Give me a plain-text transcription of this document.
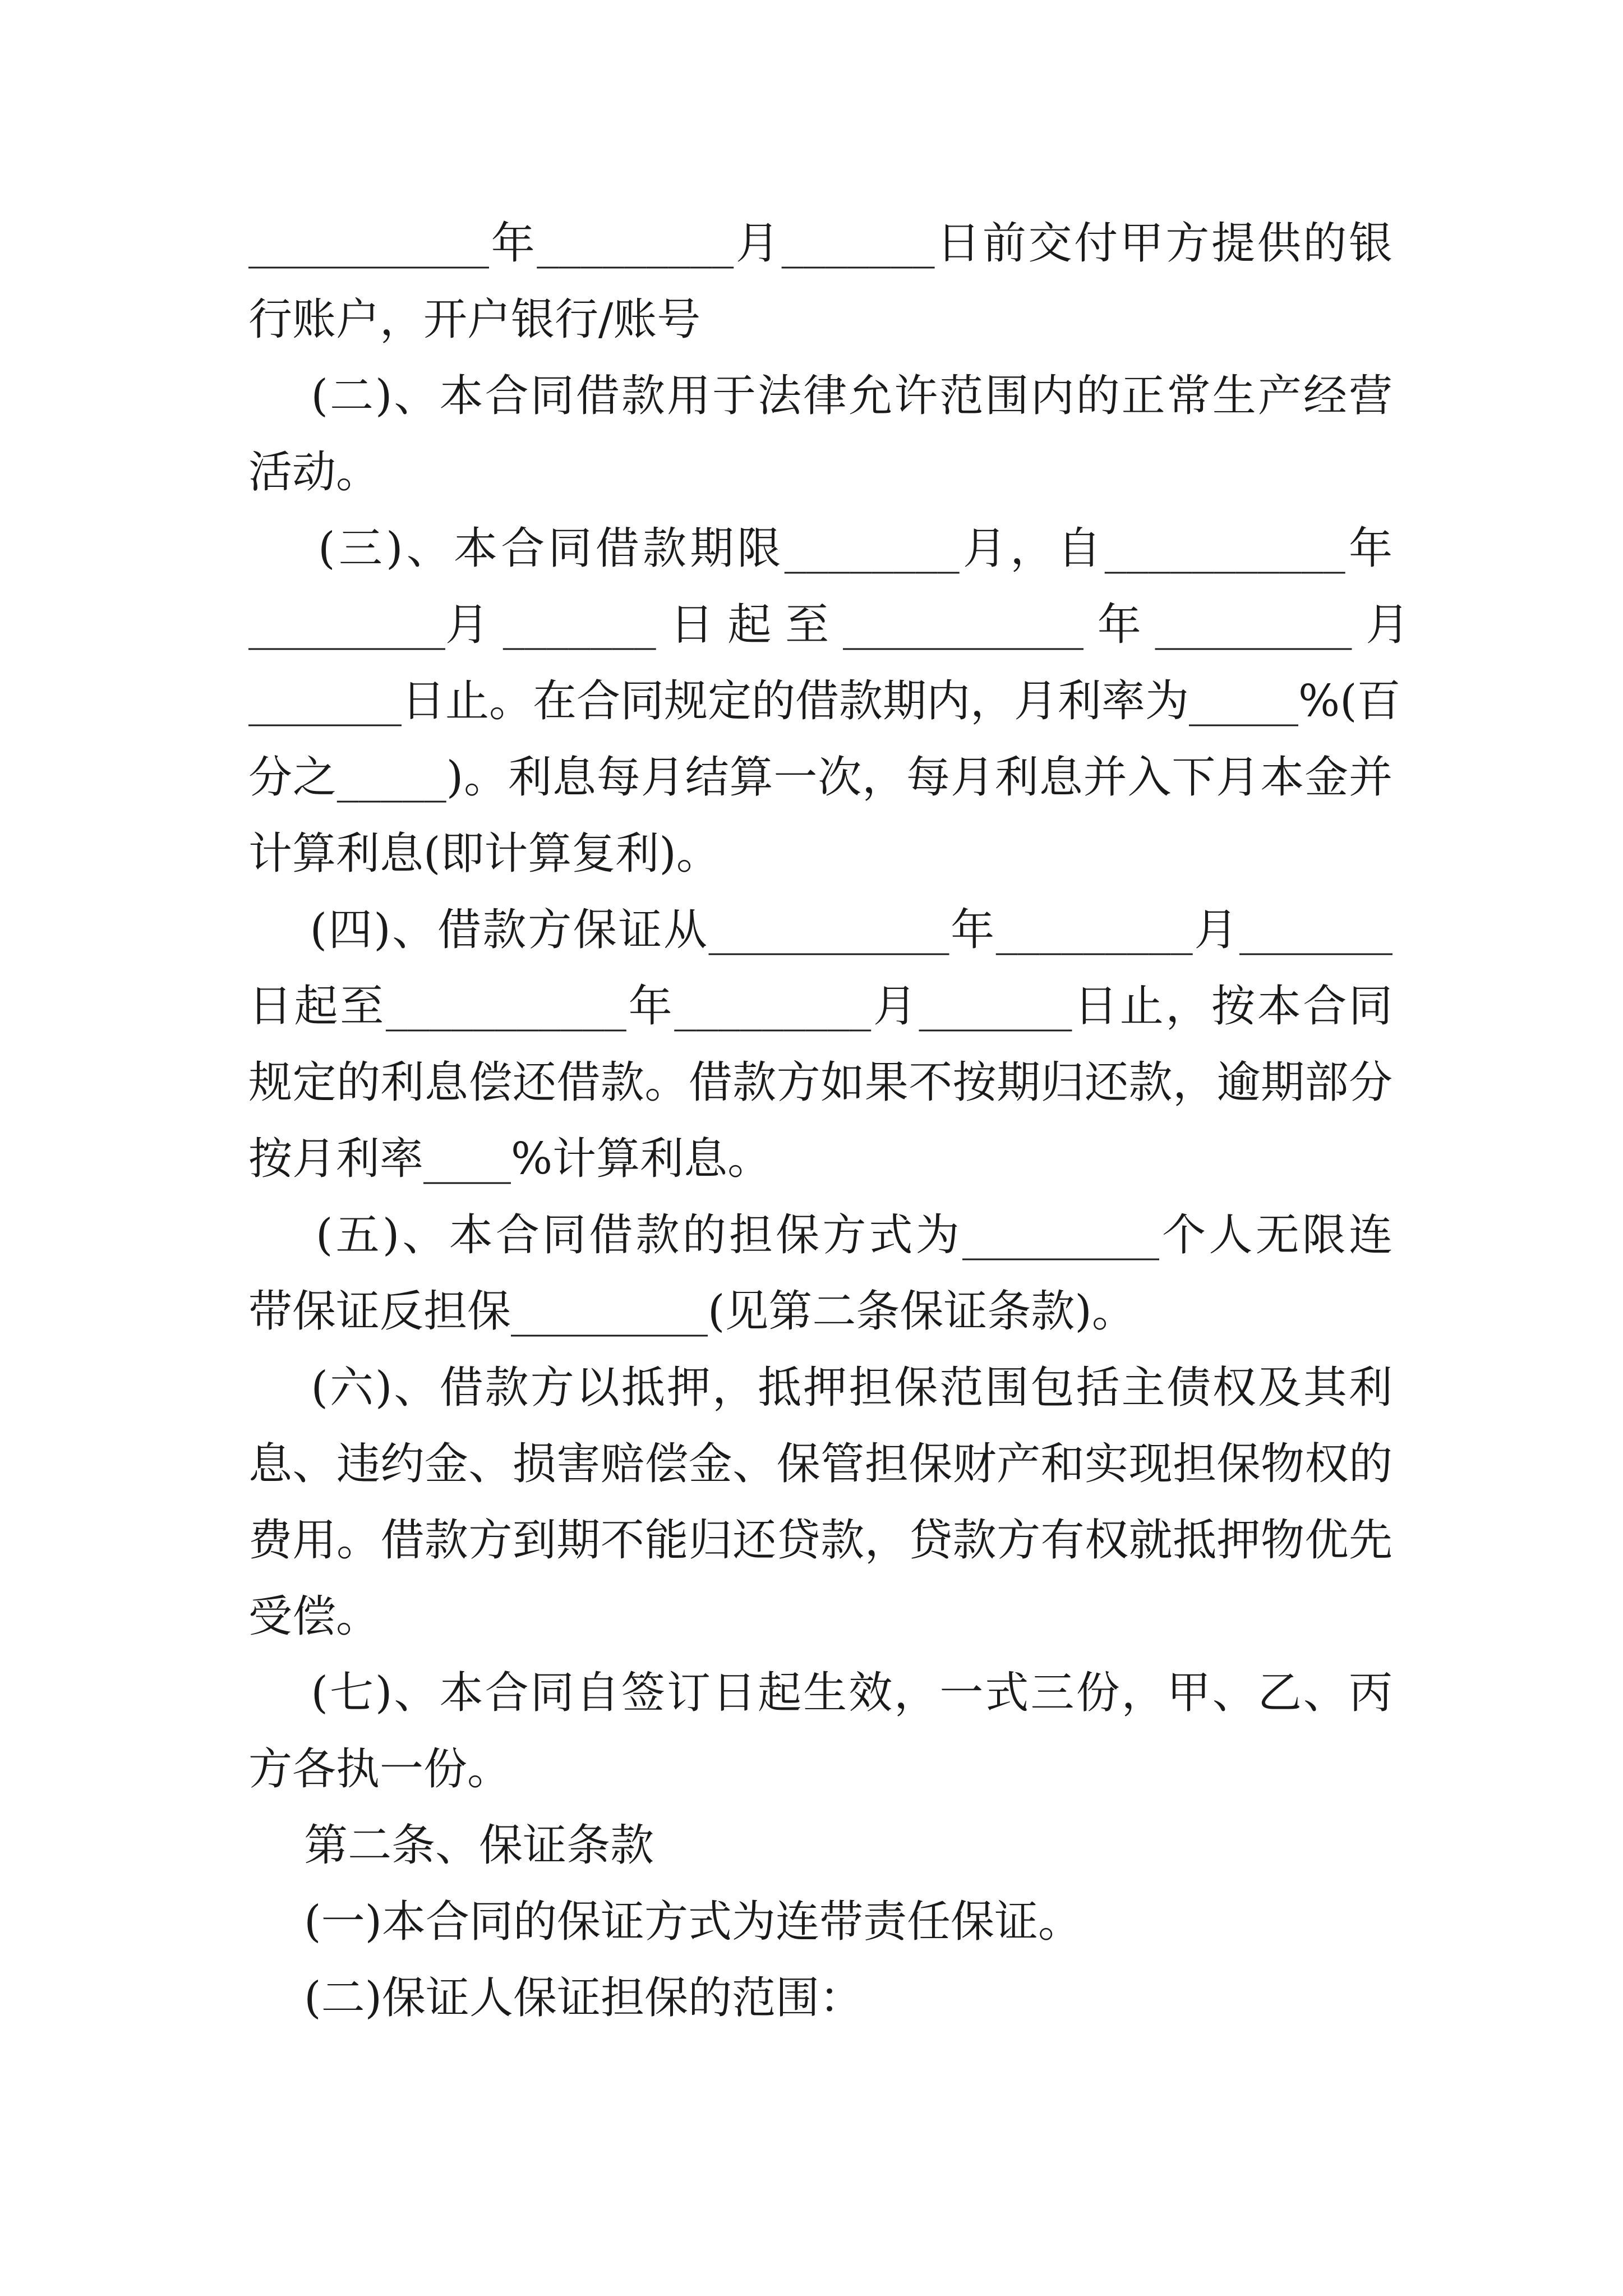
___________年_________月_______日前交付甲方提供的银
行账户，开户银行/账号
(二)、本合同借款用于法律允许范围内的正常生产经营
活动。
(三)、本合同借款期限________月，自___________年
_________月 _______ 日 起 至 ___________ 年 _________ 月
_______日止。在合同规定的借款期内，月利率为_____%(百
分之_____)。利息每月结算一次，每月利息并入下月本金并
计算利息(即计算复利)。
(四)、借款方保证从___________年_________月_______
日起至___________年_________月_______日止，按本合同
规定的利息偿还借款。借款方如果不按期归还款，逾期部分
按月利率____%计算利息。
(五)、本合同借款的担保方式为_________个人无限连
带保证反担保_________(见第二条保证条款)。
(六)、借款方以抵押，抵押担保范围包括主债权及其利
息、违约金、损害赔偿金、保管担保财产和实现担保物权的
费用。借款方到期不能归还贷款，贷款方有权就抵押物优先
受偿。
(七)、本合同自签订日起生效，一式三份，甲、乙、丙
方各执一份。
第二条、保证条款
(一)本合同的保证方式为连带责任保证。
(二)保证人保证担保的范围：
